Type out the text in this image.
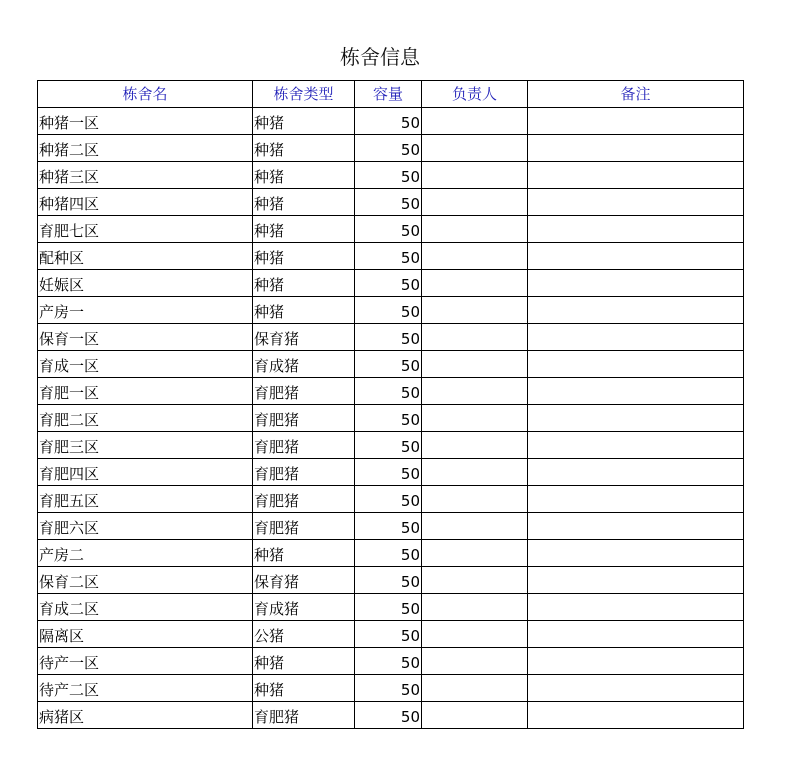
栋舍信息
栋舍名	栋舍类型	容量	负责人	备注
种猪一区	种猪	50		
种猪二区	种猪	50		
种猪三区	种猪	50		
种猪四区	种猪	50		
育肥七区	种猪	50		
配种区	种猪	50		
妊娠区	种猪	50		
产房一	种猪	50		
保育一区	保育猪	50		
育成一区	育成猪	50		
育肥一区	育肥猪	50		
育肥二区	育肥猪	50		
育肥三区	育肥猪	50		
育肥四区	育肥猪	50		
育肥五区	育肥猪	50		
育肥六区	育肥猪	50		
产房二	种猪	50		
保育二区	保育猪	50		
育成二区	育成猪	50		
隔离区	公猪	50		
待产一区	种猪	50		
待产二区	种猪	50		
病猪区	育肥猪	50		
